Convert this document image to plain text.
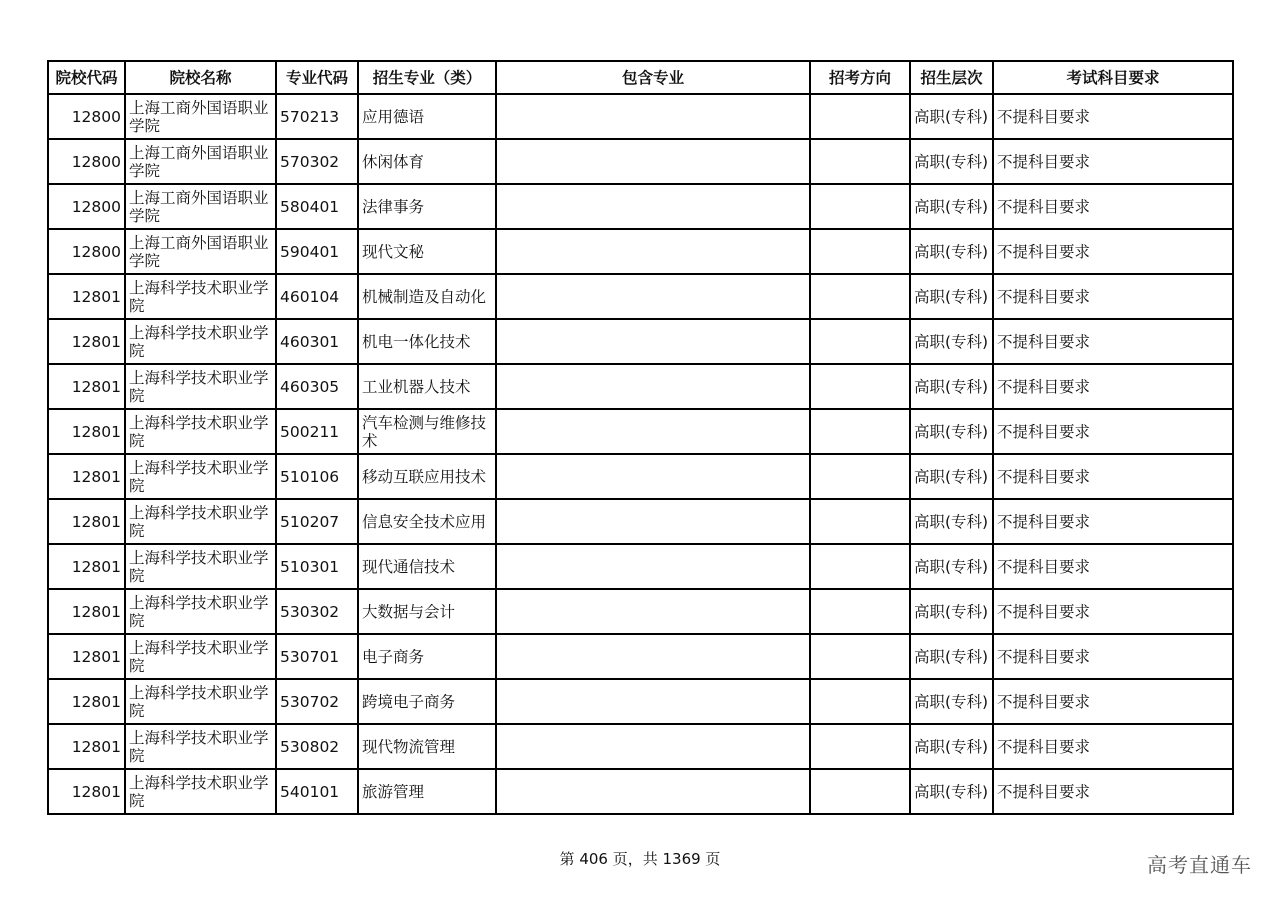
院校代码	院校名称	专业代码	招生专业（类）	包含专业	招考方向	招生层次	考试科目要求
12800	上海工商外国语职业学院	570213	应用德语			高职(专科)	不提科目要求
12800	上海工商外国语职业学院	570302	休闲体育			高职(专科)	不提科目要求
12800	上海工商外国语职业学院	580401	法律事务			高职(专科)	不提科目要求
12800	上海工商外国语职业学院	590401	现代文秘			高职(专科)	不提科目要求
12801	上海科学技术职业学院	460104	机械制造及自动化			高职(专科)	不提科目要求
12801	上海科学技术职业学院	460301	机电一体化技术			高职(专科)	不提科目要求
12801	上海科学技术职业学院	460305	工业机器人技术			高职(专科)	不提科目要求
12801	上海科学技术职业学院	500211	汽车检测与维修技术			高职(专科)	不提科目要求
12801	上海科学技术职业学院	510106	移动互联应用技术			高职(专科)	不提科目要求
12801	上海科学技术职业学院	510207	信息安全技术应用			高职(专科)	不提科目要求
12801	上海科学技术职业学院	510301	现代通信技术			高职(专科)	不提科目要求
12801	上海科学技术职业学院	530302	大数据与会计			高职(专科)	不提科目要求
12801	上海科学技术职业学院	530701	电子商务			高职(专科)	不提科目要求
12801	上海科学技术职业学院	530702	跨境电子商务			高职(专科)	不提科目要求
12801	上海科学技术职业学院	530802	现代物流管理			高职(专科)	不提科目要求
12801	上海科学技术职业学院	540101	旅游管理			高职(专科)	不提科目要求
第 406 页，共 1369 页	高考直通车
